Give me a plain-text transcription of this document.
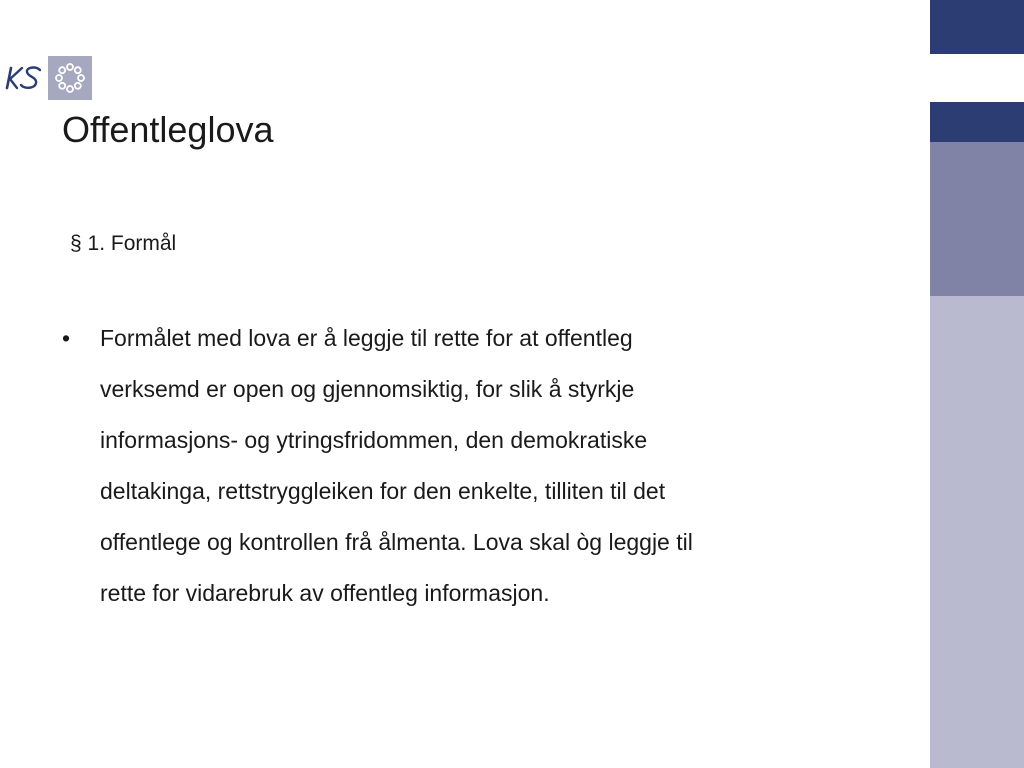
Offentleglova
§ 1. Formål
• Formålet med lova er å leggje til rette for at offentleg
verksemd er open og gjennomsiktig, for slik å styrkje
informasjons- og ytringsfridommen, den demokratiske
deltakinga, rettstryggleiken for den enkelte, tilliten til det
offentlege og kontrollen frå ålmenta. Lova skal òg leggje til
rette for vidarebruk av offentleg informasjon.
